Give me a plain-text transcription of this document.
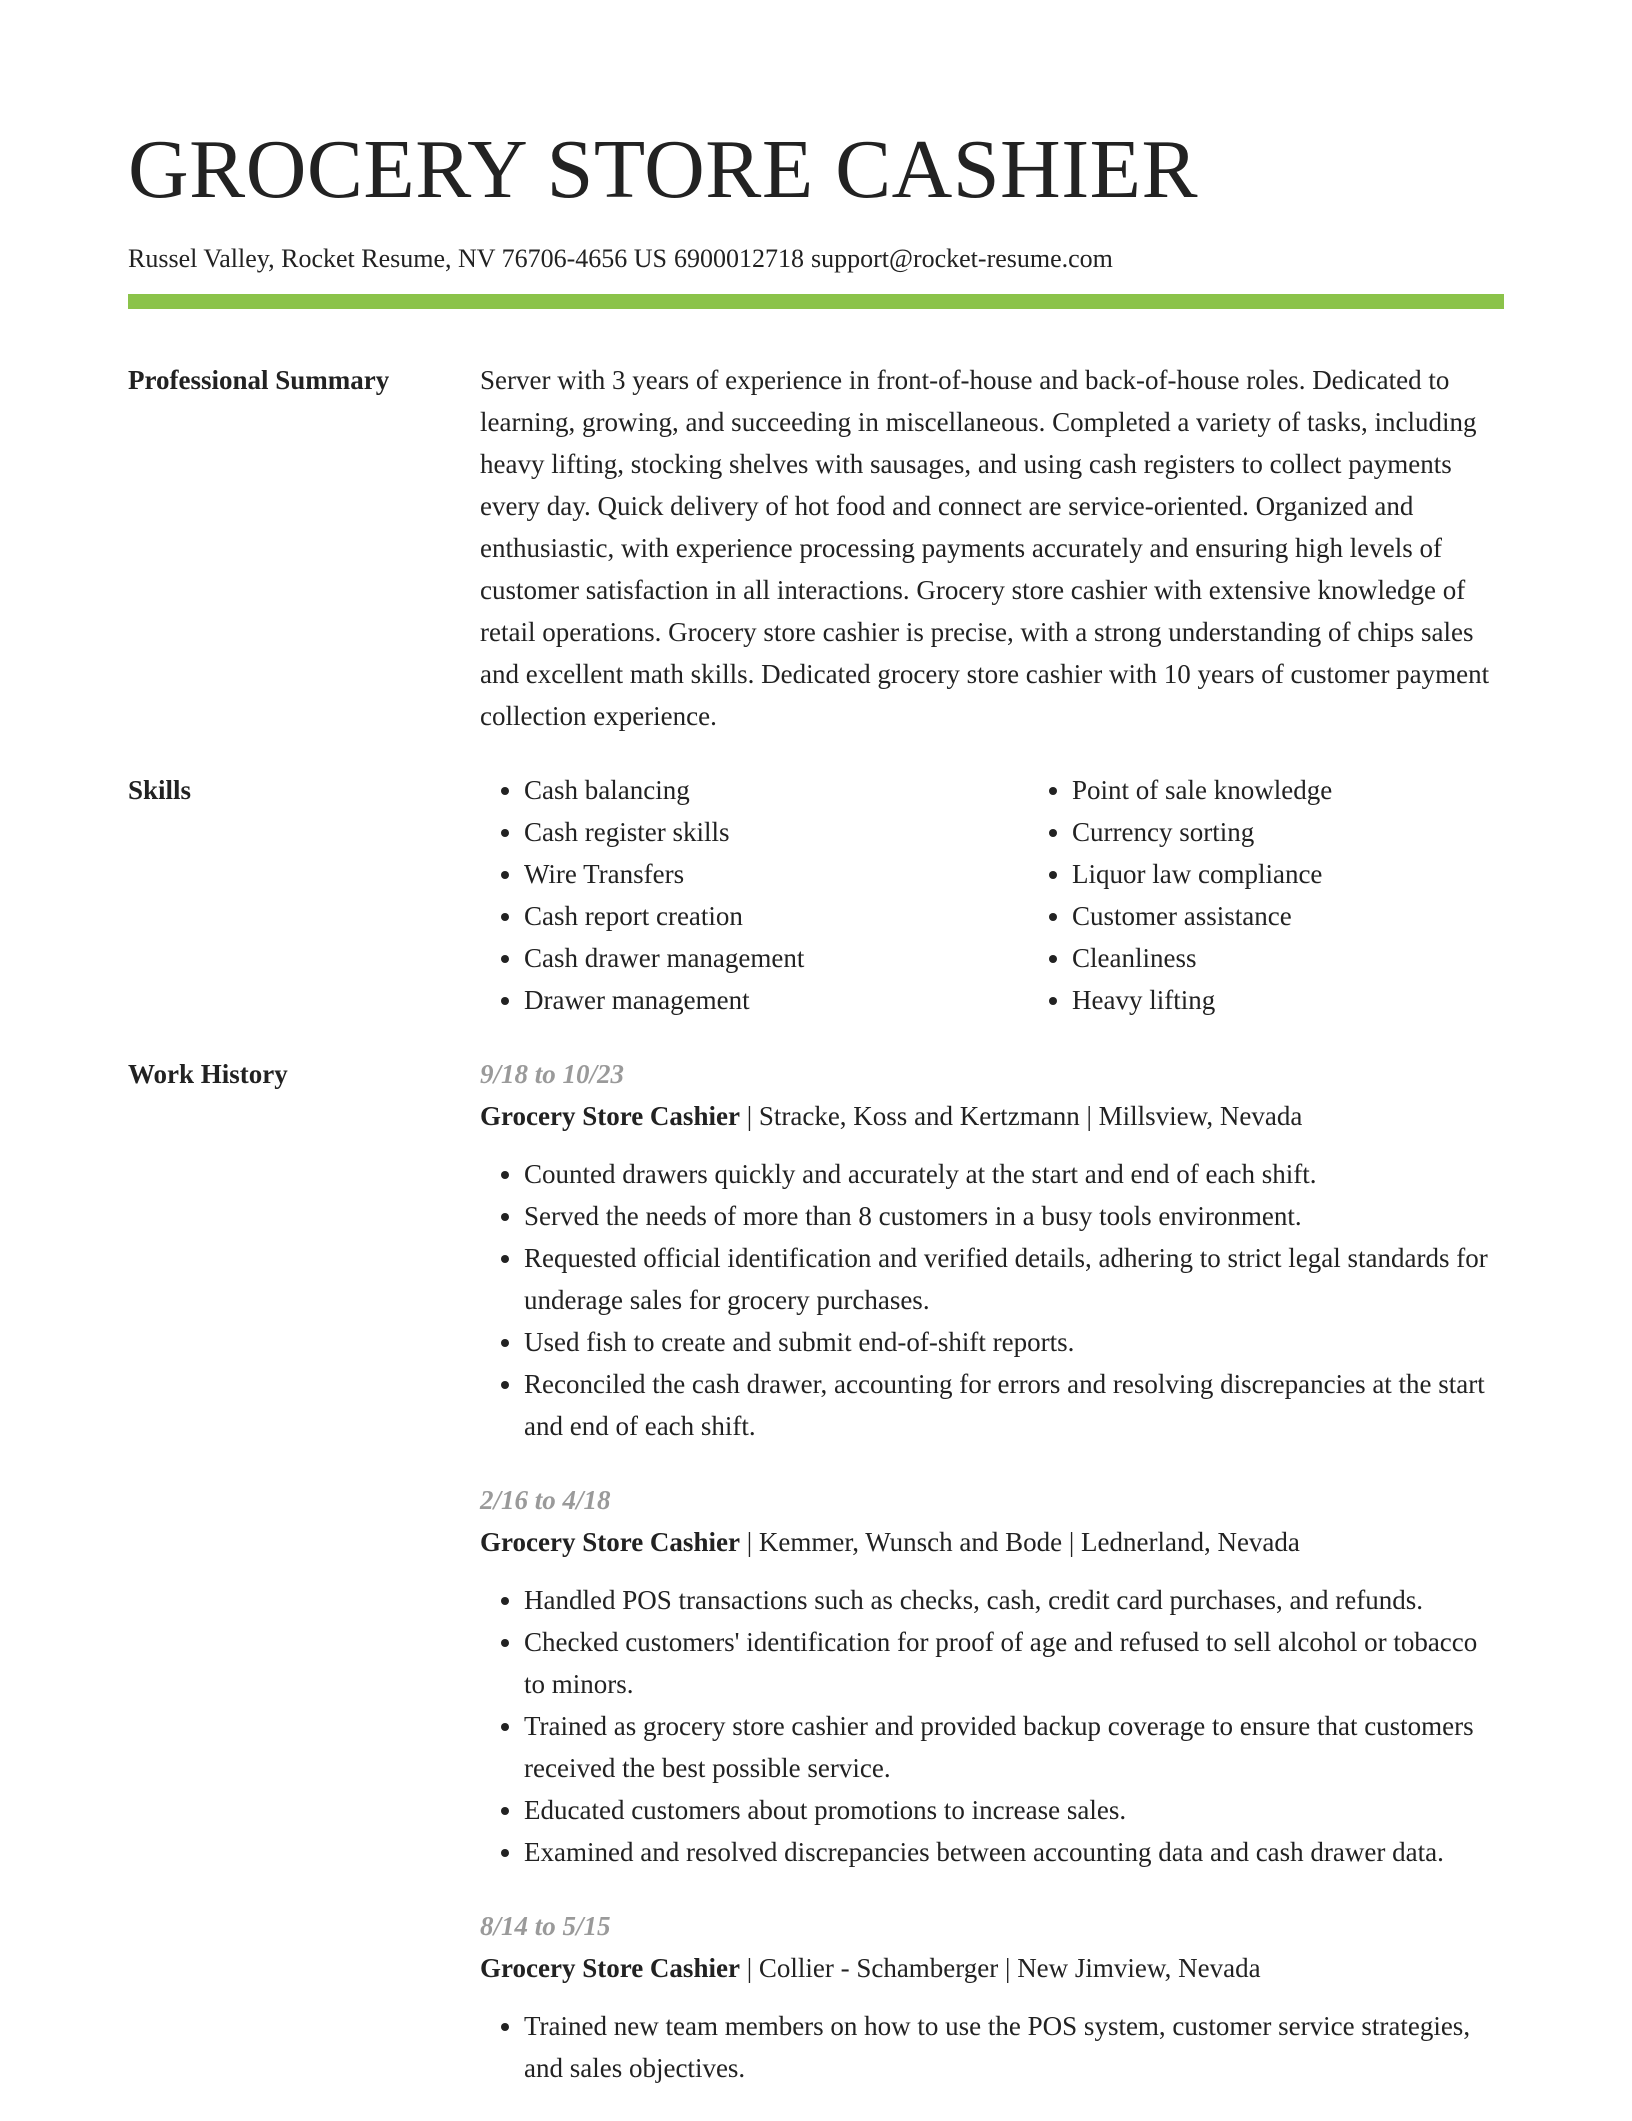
GROCERY STORE CASHIER
Russel Valley, Rocket Resume, NV 76706-4656 US 6900012718 support@rocket-resume.com
Professional Summary	Server with 3 years of experience in front-of-house and back-of-house roles. Dedicated to learning, growing, and succeeding in miscellaneous. Completed a variety of tasks, including heavy lifting, stocking shelves with sausages, and using cash registers to collect payments every day. Quick delivery of hot food and connect are service-oriented. Organized and enthusiastic, with experience processing payments accurately and ensuring high levels of customer satisfaction in all interactions. Grocery store cashier with extensive knowledge of retail operations. Grocery store cashier is precise, with a strong understanding of chips sales and excellent math skills. Dedicated grocery store cashier with 10 years of customer payment collection experience.

Skills
•	Cash balancing
• Cash register skills
• Wire Transfers
• Cash report creation
• Cash drawer management
• Drawer management
• Point of sale knowledge
• Currency sorting
• Liquor law compliance
• Customer assistance
• Cleanliness
• Heavy lifting
Work History	9/18 to 10/23
Grocery Store Cashier | Stracke, Koss and Kertzmann | Millsview, Nevada
• Counted drawers quickly and accurately at the start and end of each shift.
• Served the needs of more than 8 customers in a busy tools environment.
• Requested official identification and verified details, adhering to strict legal standards for underage sales for grocery purchases.
• Used fish to create and submit end-of-shift reports.
• Reconciled the cash drawer, accounting for errors and resolving discrepancies at the start and end of each shift.
2/16 to 4/18
Grocery Store Cashier | Kemmer, Wunsch and Bode | Lednerland, Nevada
• Handled POS transactions such as checks, cash, credit card purchases, and refunds.
• Checked customers' identification for proof of age and refused to sell alcohol or tobacco to minors.
• Trained as grocery store cashier and provided backup coverage to ensure that customers received the best possible service.
• Educated customers about promotions to increase sales.
• Examined and resolved discrepancies between accounting data and cash drawer data.
8/14 to 5/15
Grocery Store Cashier | Collier - Schamberger | New Jimview, Nevada
• Trained new team members on how to use the POS system, customer service strategies, and sales objectives.
